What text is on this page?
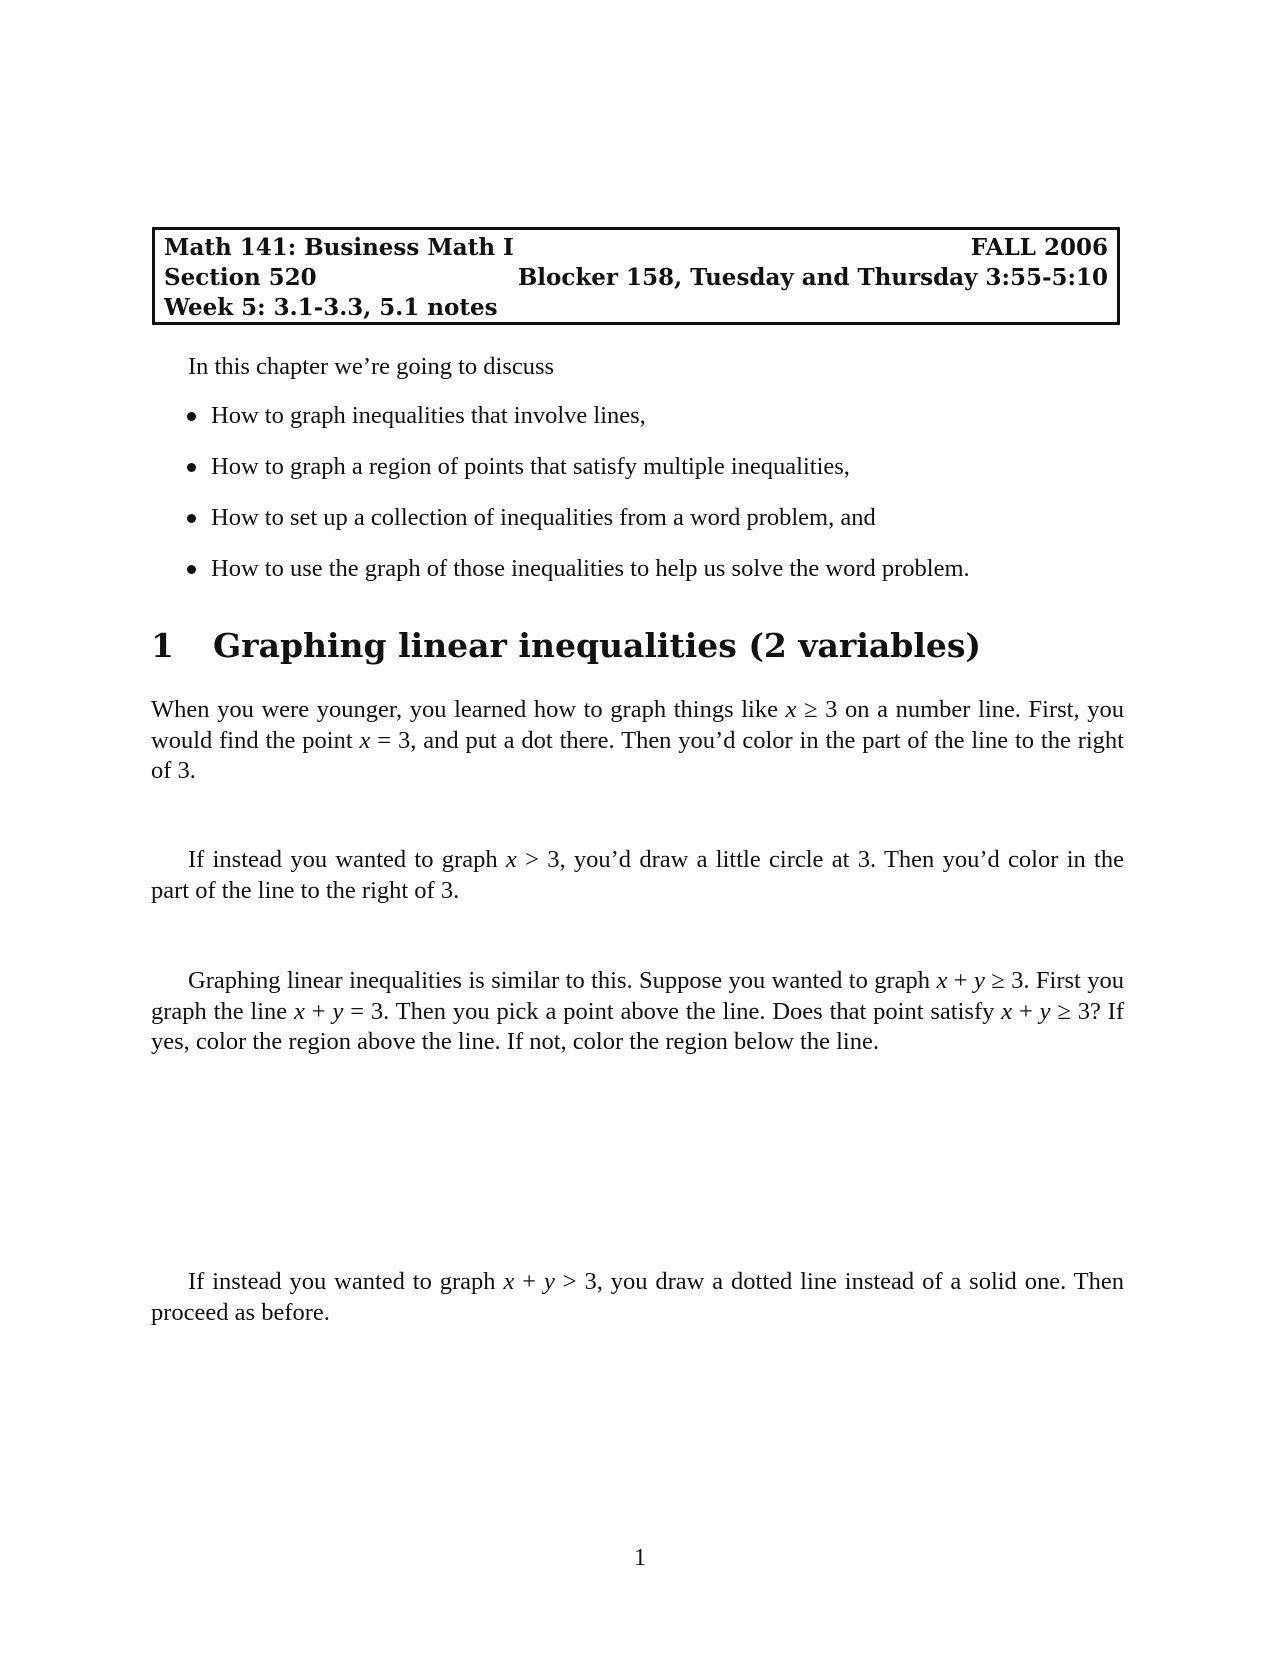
Math 141: Business Math I	FALL 2006
Section 520	Blocker 158, Tuesday and Thursday 3:55-5:10
Week 5: 3.1-3.3, 5.1 notes
In this chapter we’re going to discuss
How to graph inequalities that involve lines,
How to graph a region of points that satisfy multiple inequalities,
How to set up a collection of inequalities from a word problem, and
How to use the graph of those inequalities to help us solve the word problem.
1 Graphing linear inequalities (2 variables)
When you were younger, you learned how to graph things like x ≥ 3 on a number line. First, you would find the point x = 3, and put a dot there. Then you’d color in the part of the line to the right of 3.
If instead you wanted to graph x > 3, you’d draw a little circle at 3. Then you’d color in the part of the line to the right of 3.
Graphing linear inequalities is similar to this. Suppose you wanted to graph x + y ≥ 3. First you graph the line x + y = 3. Then you pick a point above the line. Does that point satisfy x + y ≥ 3? If yes, color the region above the line. If not, color the region below the line.
If instead you wanted to graph x + y > 3, you draw a dotted line instead of a solid one. Then proceed as before.
1
